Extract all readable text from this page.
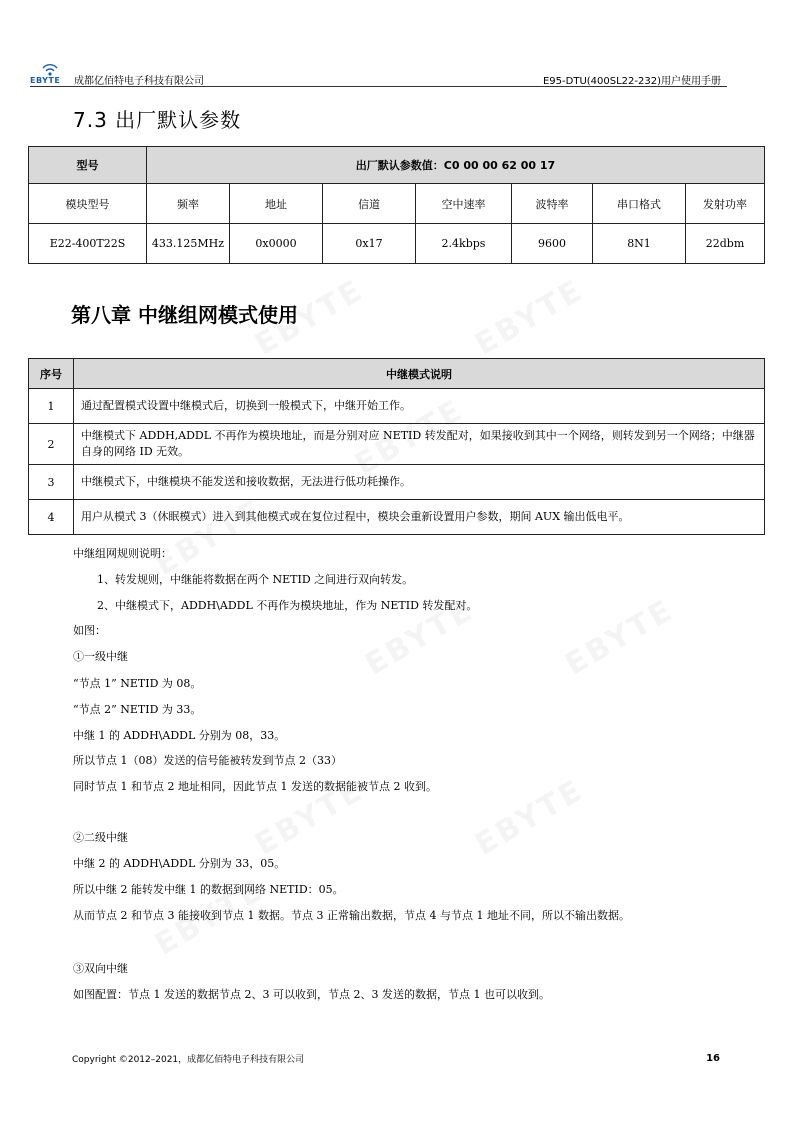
EBYTE 成都亿佰特电子科技有限公司	E95-DTU(400SL22-232)用户使用手册
7.3 出厂默认参数
型号	出厂默认参数值：C0 00 00 62 00 17						
模块型号	频率	地址	信道	空中速率	波特率	串口格式	发射功率
E22-400T22S	433.125MHz	0x0000	0x17	2.4kbps	9600	8N1	22dbm
第八章 中继组网模式使用
序号	中继模式说明
1	通过配置模式设置中继模式后，切换到一般模式下，中继开始工作。
2	中继模式下 ADDH,ADDL 不再作为模块地址，而是分别对应 NETID 转发配对，如果接收到其中一个网络，则转发到另一个网络；中继器自身的网络 ID 无效。
3	中继模式下，中继模块不能发送和接收数据，无法进行低功耗操作。
4	用户从模式 3（休眠模式）进入到其他模式或在复位过程中，模块会重新设置用户参数，期间 AUX 输出低电平。
中继组网规则说明：
1、转发规则，中继能将数据在两个 NETID 之间进行双向转发。
2、中继模式下，ADDH\ADDL 不再作为模块地址，作为 NETID 转发配对。
如图：
①一级中继
“节点 1” NETID 为 08。
“节点 2” NETID 为 33。
中继 1 的 ADDH\ADDL 分别为 08，33。
所以节点 1（08）发送的信号能被转发到节点 2（33）
同时节点 1 和节点 2 地址相同，因此节点 1 发送的数据能被节点 2 收到。
②二级中继
中继 2 的 ADDH\ADDL 分别为 33，05。
所以中继 2 能转发中继 1 的数据到网络 NETID：05。
从而节点 2 和节点 3 能接收到节点 1 数据。节点 3 正常输出数据，节点 4 与节点 1 地址不同，所以不输出数据。
③双向中继
如图配置：节点 1 发送的数据节点 2、3 可以收到，节点 2、3 发送的数据，节点 1 也可以收到。
Copyright ©2012–2021，成都亿佰特电子科技有限公司	16
